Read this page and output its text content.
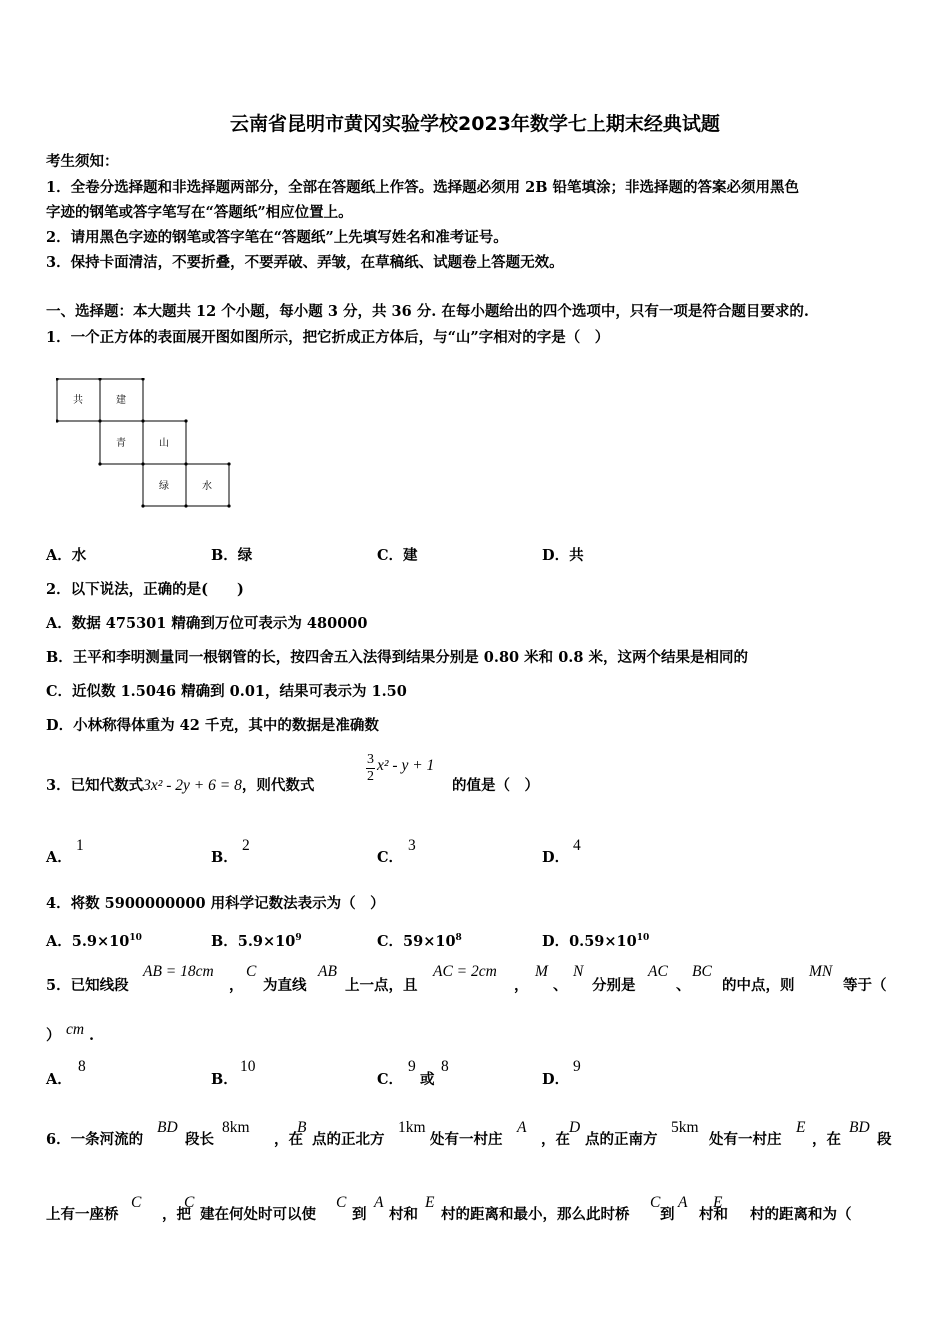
云南省昆明市黄冈实验学校2023年数学七上期末经典试题
考生须知：
1．全卷分选择题和非选择题两部分，全部在答题纸上作答。选择题必须用 2B 铅笔填涂；非选择题的答案必须用黑色
字迹的钢笔或答字笔写在“答题纸”相应位置上。
2．请用黑色字迹的钢笔或答字笔在“答题纸”上先填写姓名和准考证号。
3．保持卡面清洁，不要折叠，不要弄破、弄皱，在草稿纸、试题卷上答题无效。
一、选择题：本大题共 12 个小题，每小题 3 分，共 36 分. 在每小题给出的四个选项中，只有一项是符合题目要求的.
1．一个正方体的表面展开图如图所示，把它折成正方体后，与“山”字相对的字是（　）
共	建
青	山
绿	水
A．水	B．绿	C．建	D．共
2．以下说法，正确的是(　　)
A．数据 475301 精确到万位可表示为 480000
B．王平和李明测量同一根钢管的长，按四舍五入法得到结果分别是 0.80 米和 0.8 米，这两个结果是相同的
C．近似数 1.5046 精确到 0.01，结果可表示为 1.50
D．小林称得体重为 42 千克，其中的数据是准确数
3．已知代数式3x² - 2y + 6 = 8，则代数式
$\frac{3}{2} x^2 - y + 1$
的值是（　）
A．
1
B．
2
C．
3
D．
4
4．将数 5900000000 用科学记数法表示为（　）
A．$5.9\times 10^{10}$	B．$5.9\times 10^9$	C．$59\times 10^8$	D．$0.59\times 10^{10}$
5．已知线段
AB = 18cm
，
C
为直线
AB
上一点，且
AC = 2cm
，
M
、
N
分别是
AC
、
BC
的中点，则
MN
等于（
） cm .
A．
8
B．
10
C．
9
或
8
D．
9
6．一条河流的
BD
段长
8km
，在
B
点的正北方
1km
处有一村庄
A
，在
D
点的正南方
5km
处有一村庄
E
，在
BD
段
上有一座桥
C
，把
C
建在何处时可以使
C
到
A
村和
E
村的距离和最小，那么此时桥
C
到
A
村和
E
村的距离和为（
